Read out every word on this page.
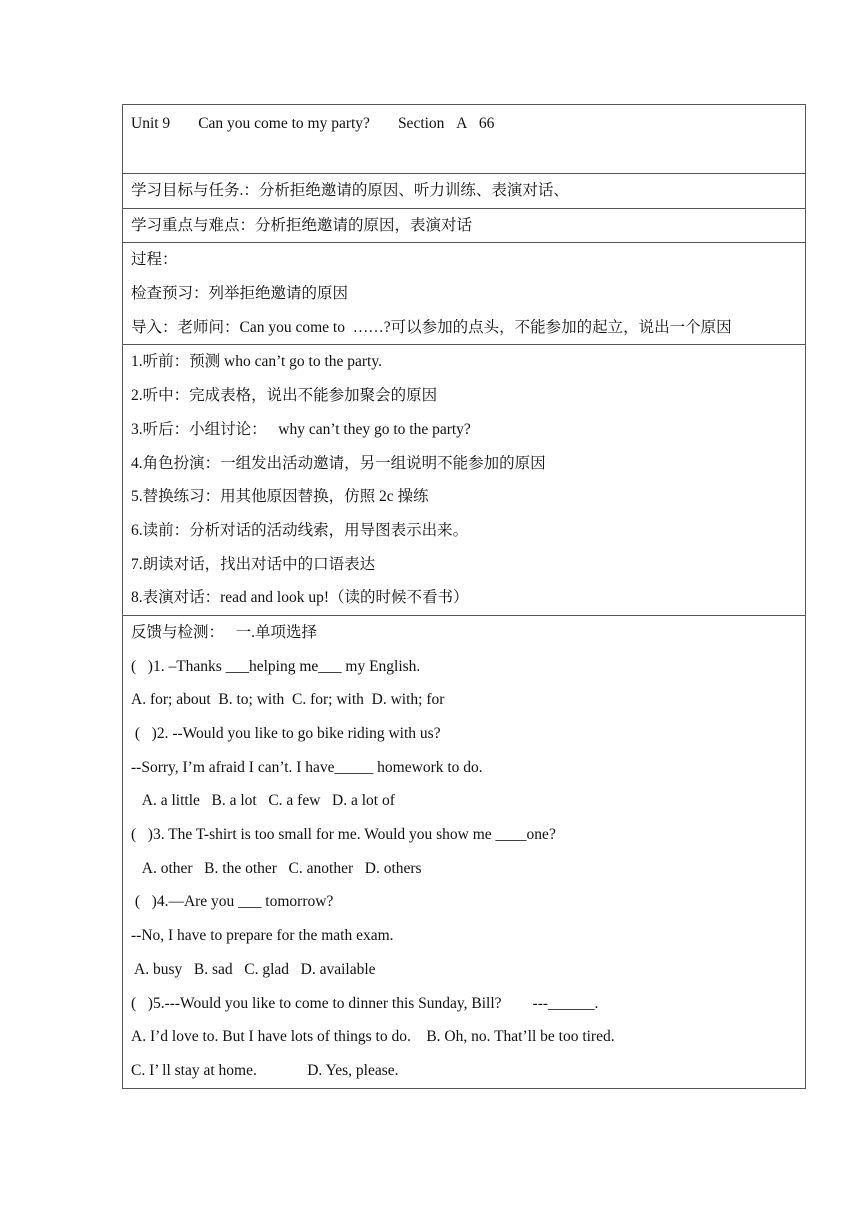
Unit 9 Can you come to my party? Section A 66

学习目标与任务.：分析拒绝邀请的原因、听力训练、表演对话、

学习重点与难点：分析拒绝邀请的原因，表演对话

过程：
检查预习：列举拒绝邀请的原因
导入：老师问：Can you come to  ……?可以参加的点头，不能参加的起立，说出一个原因

1.听前：预测 who can’t go to the party.
2.听中：完成表格，说出不能参加聚会的原因
3.听后：小组讨论：   why can’t they go to the party?
4.角色扮演：一组发出活动邀请，另一组说明不能参加的原因
5.替换练习：用其他原因替换，仿照 2c 操练
6.读前：分析对话的活动线索，用导图表示出来。
7.朗读对话，找出对话中的口语表达
8.表演对话：read and look up!（读的时候不看书）

反馈与检测：   一.单项选择
(   )1. –Thanks ___helping me___ my English.
A. for; about  B. to; with  C. for; with  D. with; for
(   )2. --Would you like to go bike riding with us?
--Sorry, I’m afraid I can’t. I have_____ homework to do.
A. a little   B. a lot   C. a few   D. a lot of
(   )3. The T-shirt is too small for me. Would you show me ____one?
A. other   B. the other   C. another   D. others
(   )4.—Are you ___ tomorrow?
--No, I have to prepare for the math exam.
A. busy   B. sad   C. glad   D. available
(   )5.---Would you like to come to dinner this Sunday, Bill?        ---______.
A. I’d love to. But I have lots of things to do.    B. Oh, no. That’ll be too tired.
C. I’ ll stay at home.             D. Yes, please.
